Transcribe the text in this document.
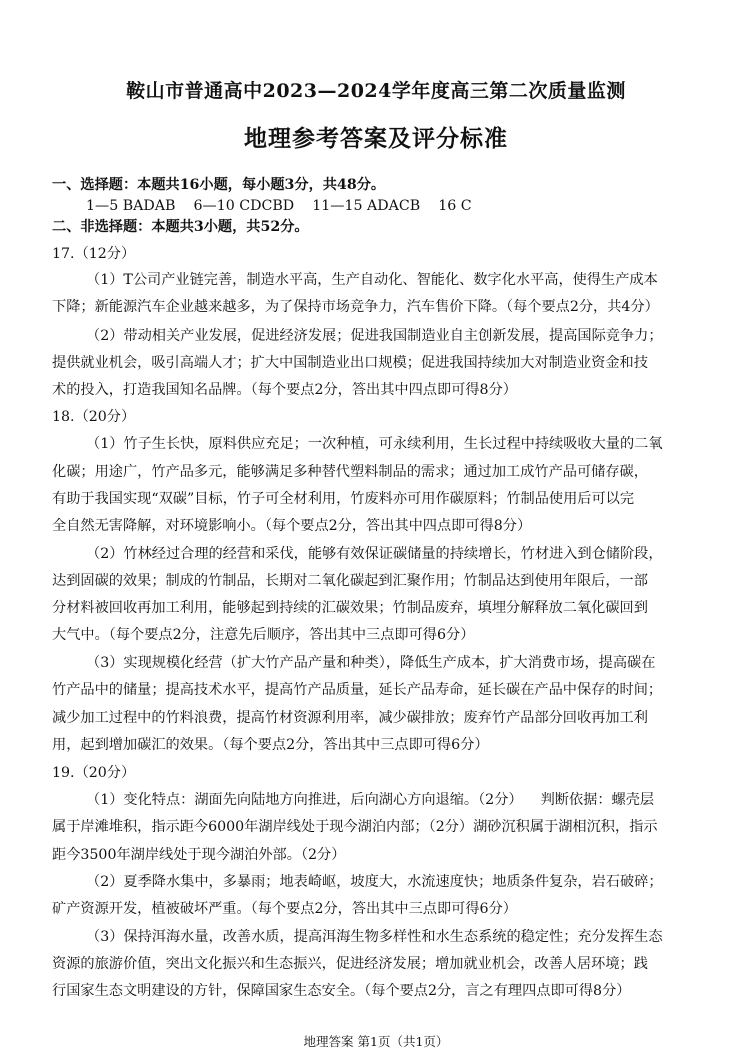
鞍山市普通高中2023—2024学年度高三第二次质量监测
地理参考答案及评分标准
一、选择题：本题共16小题，每小题3分，共48分。
1—5 BADAB    6—10 CDCBD    11—15 ADACB    16 C
二、非选择题：本题共3小题，共52分。
17.（12分）
（1）T公司产业链完善，制造水平高，生产自动化、智能化、数字化水平高，使得生产成本
下降；新能源汽车企业越来越多，为了保持市场竞争力，汽车售价下降。（每个要点2分，共4分）
（2）带动相关产业发展，促进经济发展；促进我国制造业自主创新发展，提高国际竞争力；
提供就业机会，吸引高端人才；扩大中国制造业出口规模；促进我国持续加大对制造业资金和技
术的投入，打造我国知名品牌。（每个要点2分，答出其中四点即可得8分）
18.（20分）
（1）竹子生长快，原料供应充足；一次种植，可永续利用，生长过程中持续吸收大量的二氧
化碳；用途广，竹产品多元，能够满足多种替代塑料制品的需求；通过加工成竹产品可储存碳，
有助于我国实现“双碳”目标，竹子可全材利用，竹废料亦可用作碳原料；竹制品使用后可以完
全自然无害降解，对环境影响小。（每个要点2分，答出其中四点即可得8分）
（2）竹林经过合理的经营和采伐，能够有效保证碳储量的持续增长，竹材进入到仓储阶段，
达到固碳的效果；制成的竹制品，长期对二氧化碳起到汇聚作用；竹制品达到使用年限后，一部
分材料被回收再加工利用，能够起到持续的汇碳效果；竹制品废弃，填埋分解释放二氧化碳回到
大气中。（每个要点2分，注意先后顺序，答出其中三点即可得6分）
（3）实现规模化经营（扩大竹产品产量和种类），降低生产成本，扩大消费市场，提高碳在
竹产品中的储量；提高技术水平，提高竹产品质量，延长产品寿命，延长碳在产品中保存的时间；
减少加工过程中的竹料浪费，提高竹材资源利用率，减少碳排放；废弃竹产品部分回收再加工利
用，起到增加碳汇的效果。（每个要点2分，答出其中三点即可得6分）
19.（20分）
（1）变化特点：湖面先向陆地方向推进，后向湖心方向退缩。（2分）    判断依据：螺壳层
属于岸滩堆积，指示距今6000年湖岸线处于现今湖泊内部；（2分）湖砂沉积属于湖相沉积，指示
距今3500年湖岸线处于现今湖泊外部。（2分）
（2）夏季降水集中，多暴雨；地表崎岖，坡度大，水流速度快；地质条件复杂，岩石破碎；
矿产资源开发，植被破坏严重。（每个要点2分，答出其中三点即可得6分）
（3）保持洱海水量，改善水质，提高洱海生物多样性和水生态系统的稳定性；充分发挥生态
资源的旅游价值，突出文化振兴和生态振兴，促进经济发展；增加就业机会，改善人居环境；践
行国家生态文明建设的方针，保障国家生态安全。（每个要点2分，言之有理四点即可得8分）
地理答案 第1页（共1页）
